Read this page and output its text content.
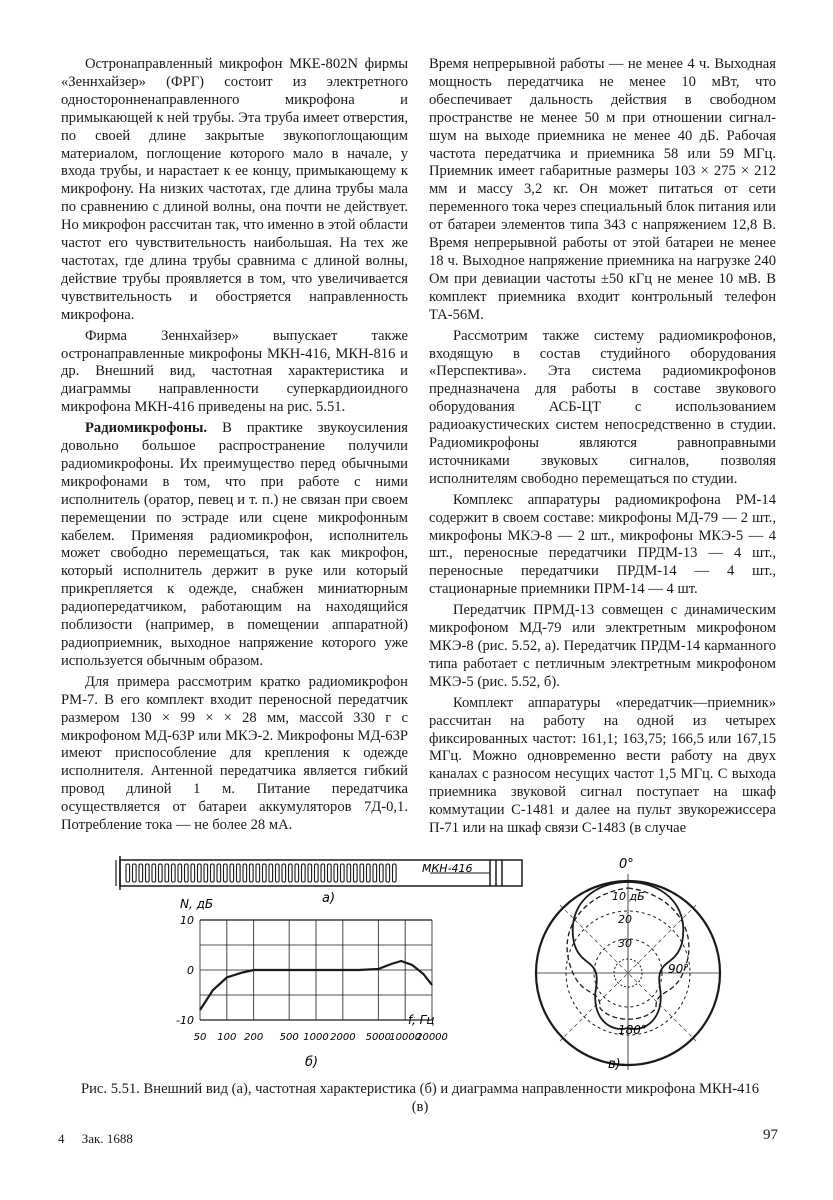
Остронаправленный микрофон МКЕ-802N фирмы «Зеннхайзер» (ФРГ) состоит из электретного односторонненаправленного микрофона и примыкающей к ней трубы. Эта труба имеет отверстия, по своей длине закрытые звукопоглощающим материалом, поглощение которого мало в начале, у входа трубы, и нарастает к ее концу, примыкающему к микрофону. На низких частотах, где длина трубы мала по сравнению с длиной волны, она почти не действует. Но микрофон рассчитан так, что именно в этой области частот его чувствительность наибольшая. На тех же частотах, где длина трубы сравнима с длиной волны, действие трубы проявляется в том, что увеличивается чувствительность и обостряется направленность микрофона.

Фирма Зеннхайзер» выпускает также остронаправленные микрофоны МКН-416, МКН-816 и др. Внешний вид, частотная характеристика и диаграммы направленности суперкардиоидного микрофона МКН-416 приведены на рис. 5.51.

Радиомикрофоны. В практике звукоусиления довольно большое распространение получили радиомикрофоны. Их преимущество перед обычными микрофонами в том, что при работе с ними исполнитель (оратор, певец и т. п.) не связан при своем перемещении по эстраде или сцене микрофонным кабелем. Применяя радиомикрофон, исполнитель может свободно перемещаться, так как микрофон, который исполнитель держит в руке или который прикрепляется к одежде, снабжен миниатюрным радиопередатчиком, работающим на находящийся поблизости (например, в помещении аппаратной) радиоприемник, выходное напряжение которого уже используется обычным образом.

Для примера рассмотрим кратко радиомикрофон РМ-7. В его комплект входит переносной передатчик размером 130 × 99 × × 28 мм, массой 330 г с микрофоном МД-63Р или МКЭ-2. Микрофоны МД-63Р имеют приспособление для крепления к одежде исполнителя. Антенной передатчика является гибкий провод длиной 1 м. Питание передатчика осуществляется от батареи аккумуляторов 7Д-0,1. Потребление тока — не более 28 мА.

Время непрерывной работы — не менее 4 ч. Выходная мощность передатчика не менее 10 мВт, что обеспечивает дальность действия в свободном пространстве не менее 50 м при отношении сигнал-шум на выходе приемника не менее 40 дБ. Рабочая частота передатчика и приемника 58 или 59 МГц. Приемник имеет габаритные размеры 103 × 275 × 212 мм и массу 3,2 кг. Он может питаться от сети переменного тока через специальный блок питания или от батареи элементов типа 343 с напряжением 12,8 В. Время непрерывной работы от этой батареи не менее 18 ч. Выходное напряжение приемника на нагрузке 240 Ом при девиации частоты ±50 кГц не менее 10 мВ. В комплект приемника входит контрольный телефон ТА-56М.

Рассмотрим также систему радиомикрофонов, входящую в состав студийного оборудования «Перспектива». Эта система радиомикрофонов предназначена для работы в составе звукового оборудования АСБ-ЦТ с использованием радиоакустических систем непосредственно в студии. Радиомикрофоны являются равноправными источниками звуковых сигналов, позволяя исполнителям свободно перемещаться по студии.

Комплекс аппаратуры радиомикрофона РМ-14 содержит в своем составе: микрофоны МД-79 — 2 шт., микрофоны МКЭ-8 — 2 шт., микрофоны МКЭ-5 — 4 шт., переносные передатчики ПРДМ-13 — 4 шт., переносные передатчики ПРДМ-14 — 4 шт., стационарные приемники ПРМ-14 — 4 шт.

Передатчик ПРМД-13 совмещен с динамическим микрофоном МД-79 или электретным микрофоном МКЭ-8 (рис. 5.52, а). Передатчик ПРДМ-14 карманного типа работает с петличным электретным микрофоном МКЭ-5 (рис. 5.52, б).

Комплект аппаратуры «передатчик—приемник» рассчитан на работу на одной из четырех фиксированных частот: 161,1; 163,75; 166,5 или 167,15 МГц. Можно одновременно вести работу на двух каналах с разносом несущих частот 1,5 МГц. С выхода приемника звуковой сигнал поступает на шкаф коммутации С-1481 и далее на пульт звукорежиссера П-71 или на шкаф связи С-1483 (в случае

МКН-416
а)
N, дБ
f, Гц
50 100 200 500 1000 2000 5000
10000
20000
10
0
-10
б)
0°
10 дБ
20
30
90°
180°
в)
Рис. 5.51. Внешний вид (а), частотная характеристика (б) и диаграмма направленности микрофона МКН-416 (в)
4 Зак. 1688	97
